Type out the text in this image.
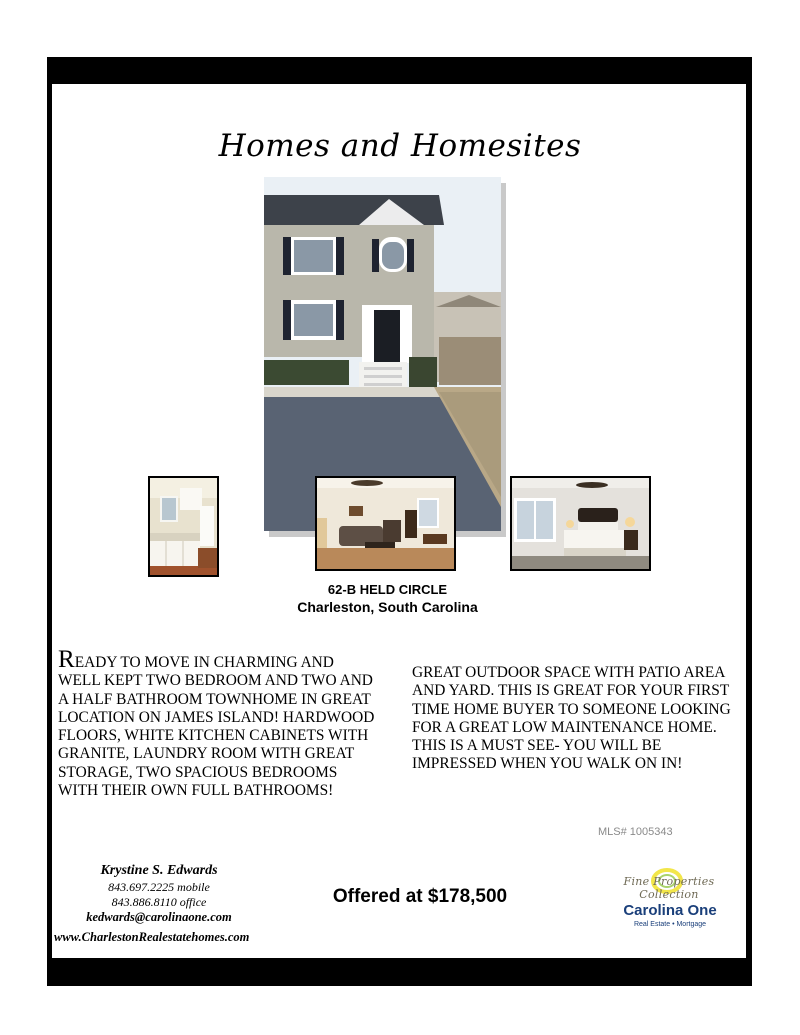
Homes and Homesites
62-B HELD CIRCLE
Charleston, South Carolina
READY TO MOVE IN CHARMING AND WELL KEPT TWO BEDROOM AND TWO AND A HALF BATHROOM TOWNHOME IN GREAT LOCATION ON JAMES ISLAND! HARDWOOD FLOORS, WHITE KITCHEN CABINETS WITH GRANITE, LAUNDRY ROOM WITH GREAT STORAGE, TWO SPACIOUS BEDROOMS WITH THEIR OWN FULL BATHROOMS!
GREAT OUTDOOR SPACE WITH PATIO AREA AND YARD. THIS IS GREAT FOR YOUR FIRST TIME HOME BUYER TO SOMEONE LOOKING FOR A GREAT LOW MAINTENANCE HOME. THIS IS A MUST SEE- YOU WILL BE IMPRESSED WHEN YOU WALK ON IN!
MLS# 1005343
Krystine S. Edwards
843.697.2225 mobile
843.886.8110 office
kedwards@carolinaone.com
www.CharlestonRealestatehomes.com
Offered at $178,500
Fine Properties Collection
Carolina One
Real Estate • Mortgage
